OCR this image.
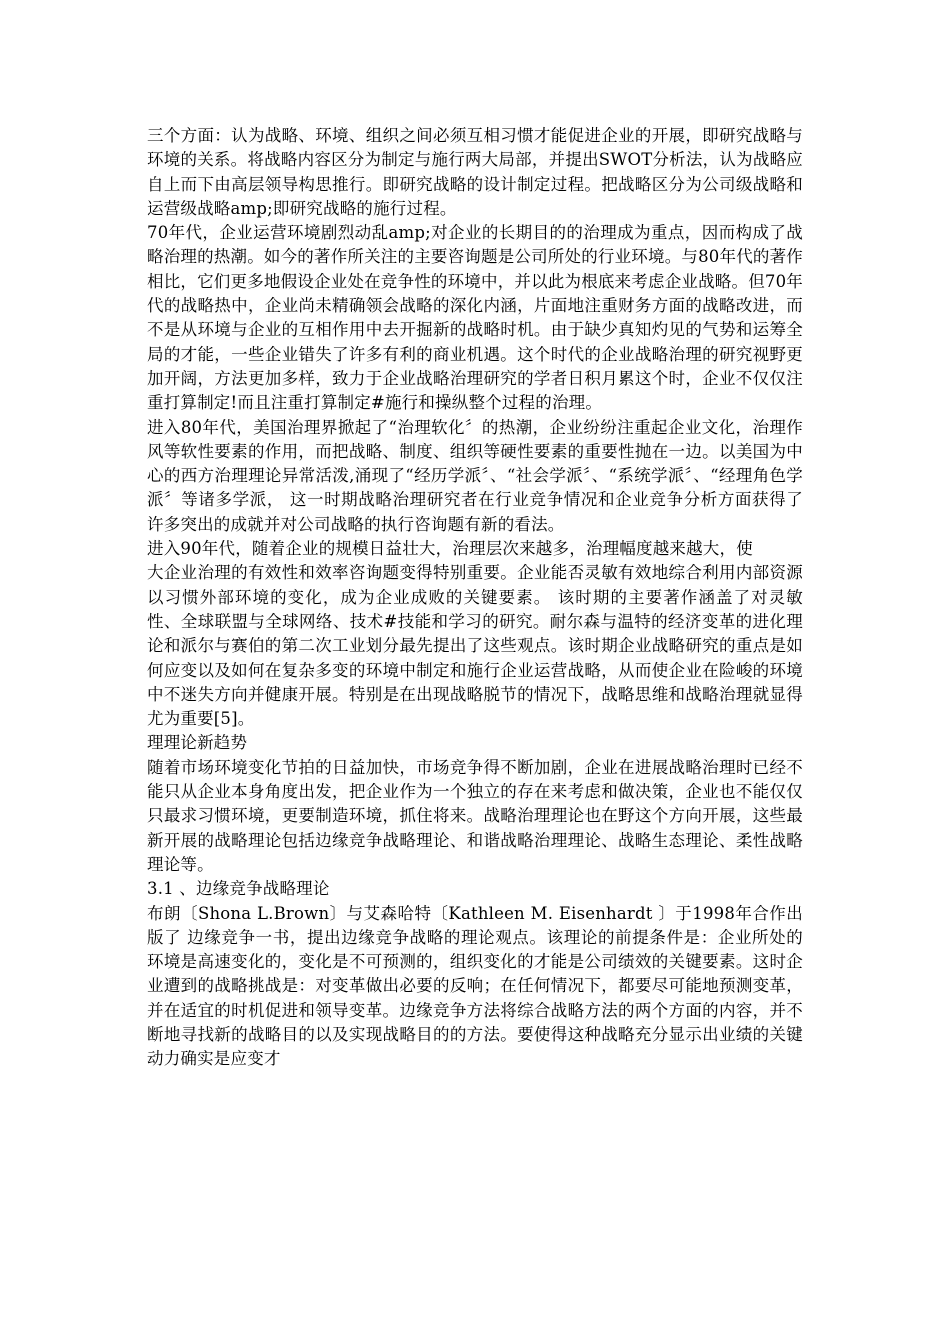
三个方面：认为战略、环境、组织之间必须互相习惯才能促进企业的开展，即研究战略与环境的关系。将战略内容区分为制定与施行两大局部，并提出SWOT分析法，认为战略应自上而下由高层领导构思推行。即研究战略的设计制定过程。把战略区分为公司级战略和运营级战略amp;即研究战略的施行过程。

70年代，企业运营环境剧烈动乱amp;对企业的长期目的的治理成为重点，因而构成了战略治理的热潮。如今的著作所关注的主要咨询题是公司所处的行业环境。与80年代的著作相比，它们更多地假设企业处在竞争性的环境中，并以此为根底来考虑企业战略。但70年代的战略热中，企业尚未精确领会战略的深化内涵，片面地注重财务方面的战略改进，而不是从环境与企业的互相作用中去开掘新的战略时机。由于缺少真知灼见的气势和运筹全局的才能，一些企业错失了许多有利的商业机遇。这个时代的企业战略治理的研究视野更加开阔，方法更加多样，致力于企业战略治理研究的学者日积月累这个时，企业不仅仅注重打算制定!而且注重打算制定#施行和操纵整个过程的治理。

进入80年代，美国治理界掀起了“治理软化〞的热潮，企业纷纷注重起企业文化，治理作风等软性要素的作用，而把战略、制度、组织等硬性要素的重要性抛在一边。以美国为中心的西方治理理论异常活泼,涌现了“经历学派〞、“社会学派〞、“系统学派〞、“经理角色学派〞等诸多学派， 这一时期战略治理研究者在行业竞争情况和企业竞争分析方面获得了许多突出的成就并对公司战略的执行咨询题有新的看法。

进入90年代，随着企业的规模日益壮大，治理层次来越多，治理幅度越来越大，使

大企业治理的有效性和效率咨询题变得特别重要。企业能否灵敏有效地综合利用内部资源以习惯外部环境的变化，成为企业成败的关键要素。 该时期的主要著作涵盖了对灵敏性、全球联盟与全球网络、技术#技能和学习的研究。耐尔森与温特的经济变革的进化理论和派尔与赛伯的第二次工业划分最先提出了这些观点。该时期企业战略研究的重点是如何应变以及如何在复杂多变的环境中制定和施行企业运营战略，从而使企业在险峻的环境中不迷失方向并健康开展。特别是在出现战略脱节的情况下，战略思维和战略治理就显得尤为重要[5]。

理理论新趋势

随着市场环境变化节拍的日益加快，市场竞争得不断加剧，企业在进展战略治理时已经不能只从企业本身角度出发，把企业作为一个独立的存在来考虑和做决策，企业也不能仅仅只最求习惯环境，更要制造环境，抓住将来。战略治理理论也在野这个方向开展，这些最新开展的战略理论包括边缘竞争战略理论、和谐战略治理理论、战略生态理论、柔性战略理论等。

3.1 、边缘竞争战略理论

布朗〔Shona L.Brown〕与艾森哈特〔Kathleen M. Eisenhardt 〕于1998年合作出版了 边缘竞争一书，提出边缘竞争战略的理论观点。该理论的前提条件是：企业所处的环境是高速变化的，变化是不可预测的，组织变化的才能是公司绩效的关键要素。这时企业遭到的战略挑战是：对变革做出必要的反响；在任何情况下，都要尽可能地预测变革，并在适宜的时机促进和领导变革。边缘竞争方法将综合战略方法的两个方面的内容，并不断地寻找新的战略目的以及实现战略目的的方法。要使得这种战略充分显示出业绩的关键动力确实是应变才
